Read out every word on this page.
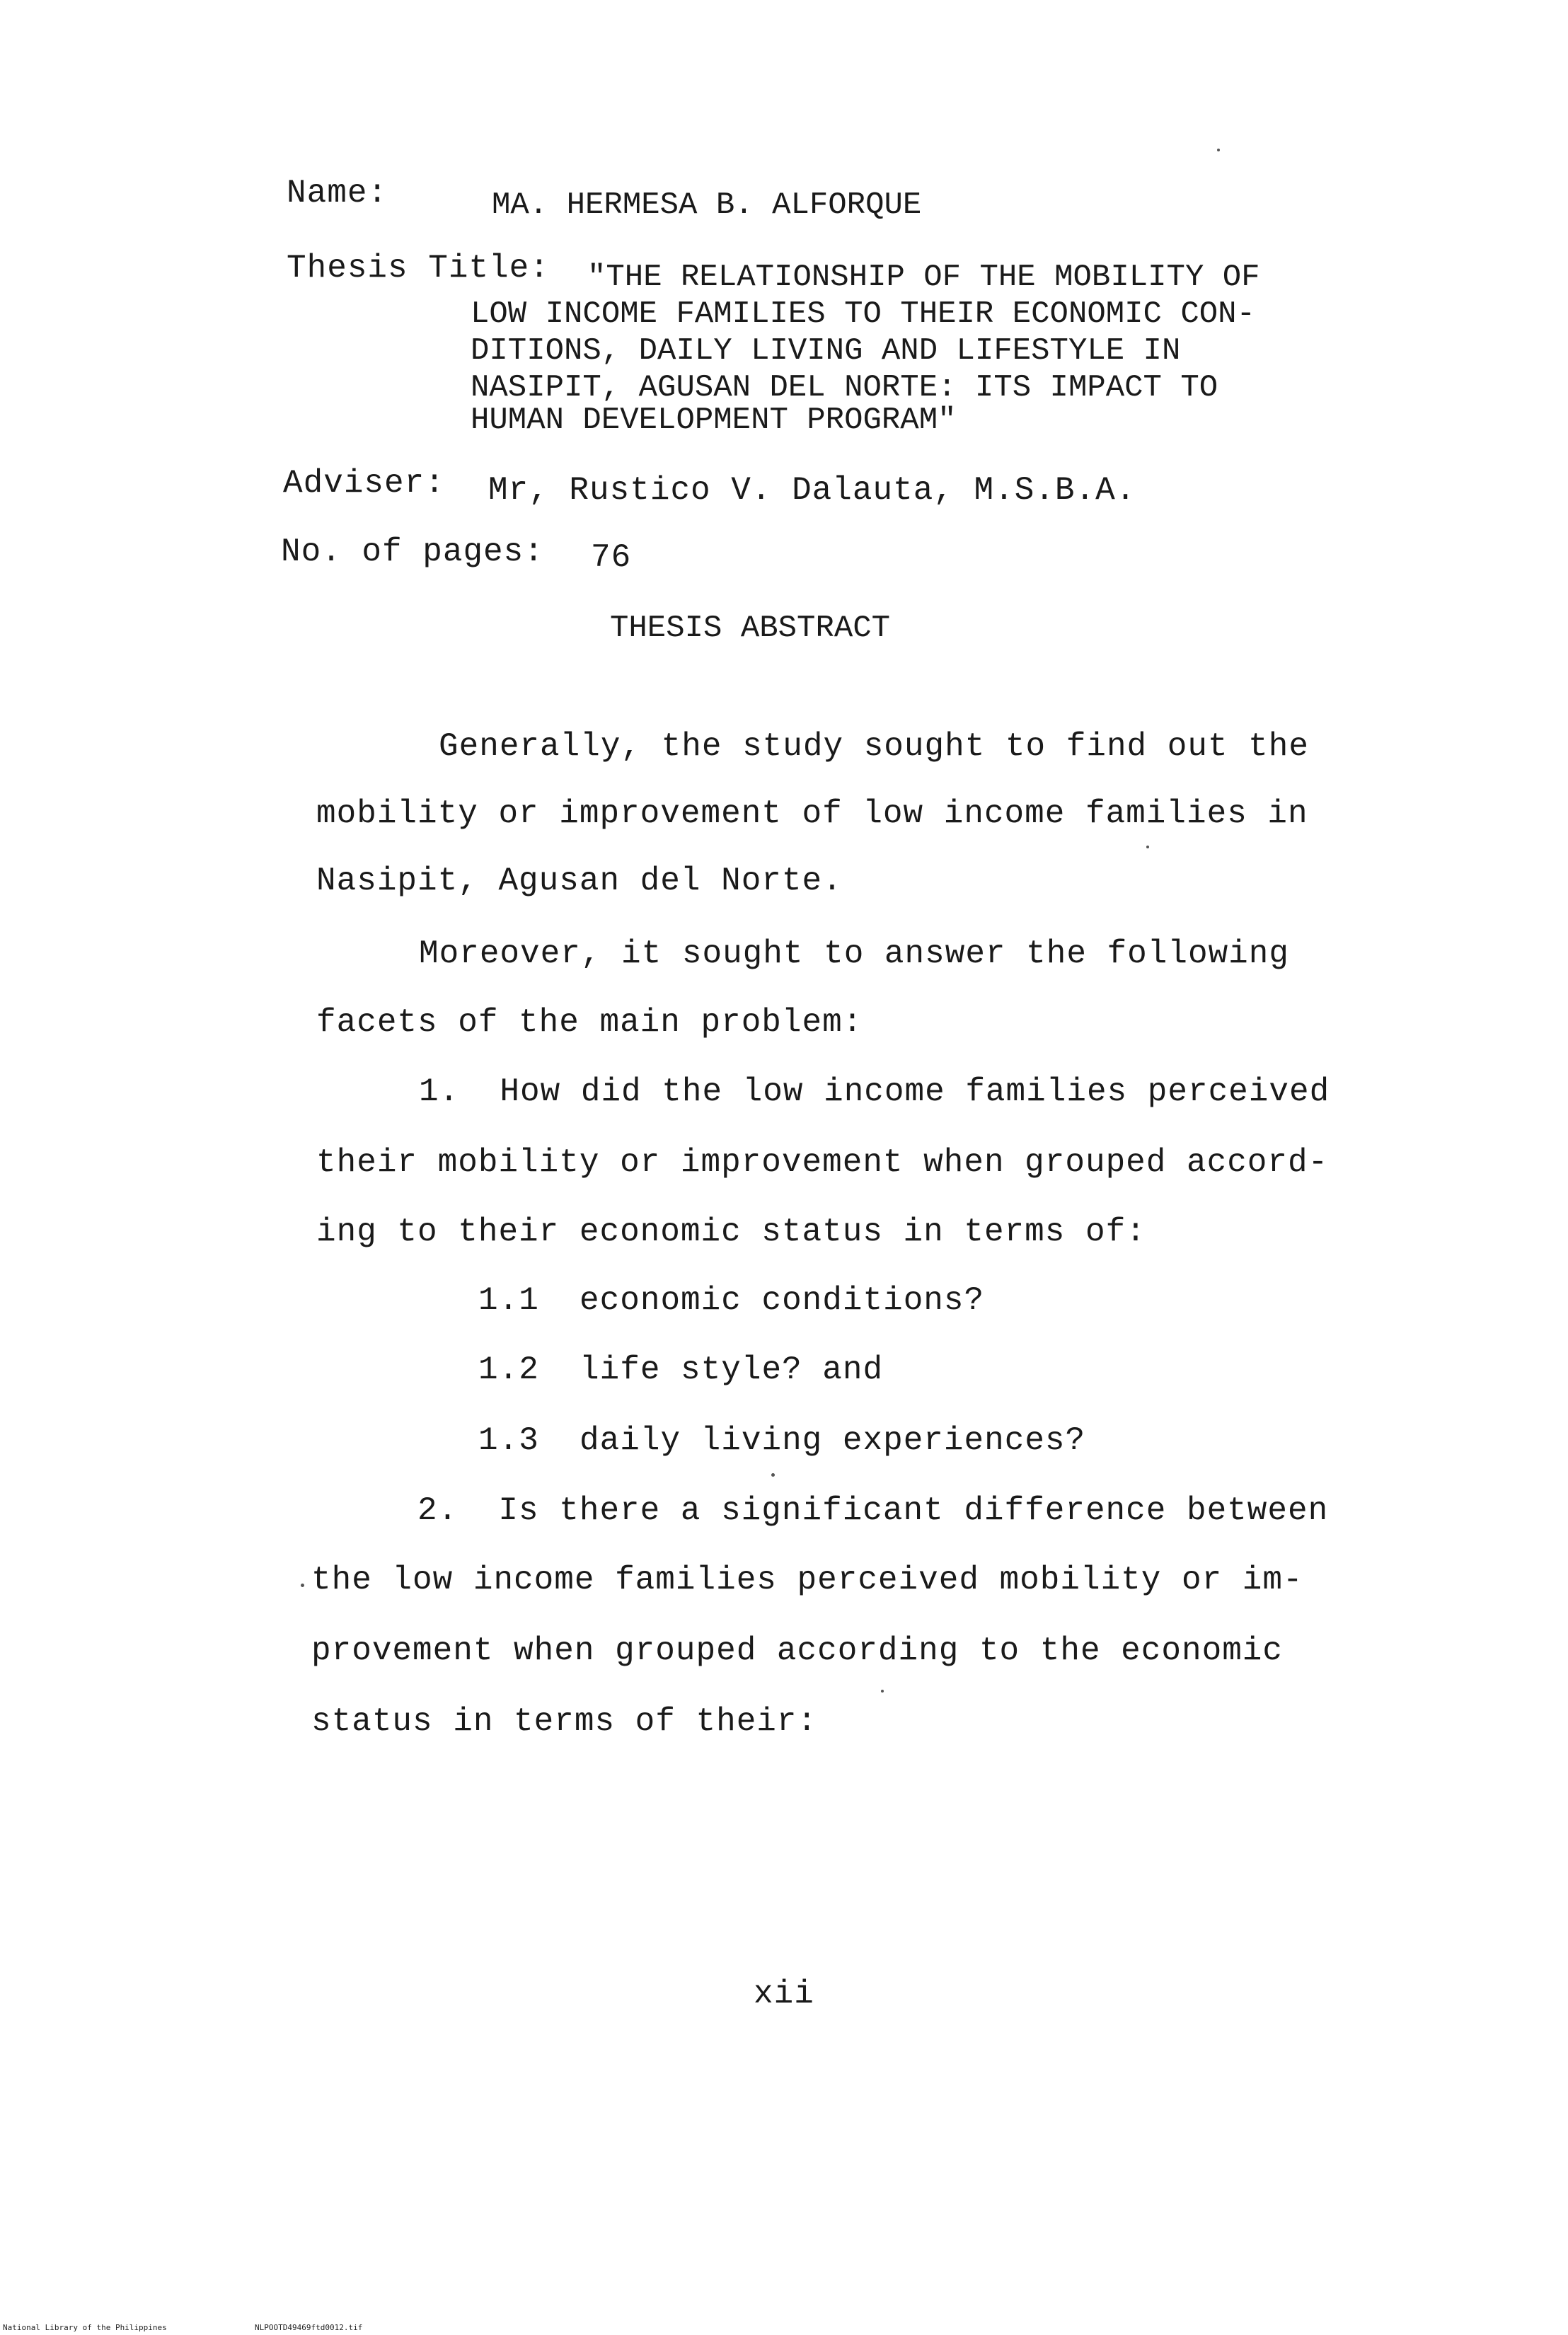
Name:	MA. HERMESA B. ALFORQUE
Thesis Title: "THE RELATIONSHIP OF THE MOBILITY OF
LOW INCOME FAMILIES TO THEIR ECONOMIC CON-
DITIONS, DAILY LIVING AND LIFESTYLE IN
NASIPIT, AGUSAN DEL NORTE: ITS IMPACT TO
HUMAN DEVELOPMENT PROGRAM"
Adviser: Mr, Rustico V. Dalauta, M.S.B.A.
No. of pages: 76
THESIS ABSTRACT
Generally, the study sought to find out the
mobility or improvement of low income families in
Nasipit, Agusan del Norte.
Moreover, it sought to answer the following
facets of the main problem:
1.  How did the low income families perceived
their mobility or improvement when grouped accord-
ing to their economic status in terms of:
1.1  economic conditions?
1.2  life style? and
1.3  daily living experiences?
2.  Is there a significant difference between
the low income families perceived mobility or im-
provement when grouped according to the economic
status in terms of their:
xii
National Library of the Philippines	NLPOOTD49469ftd0012.tif
